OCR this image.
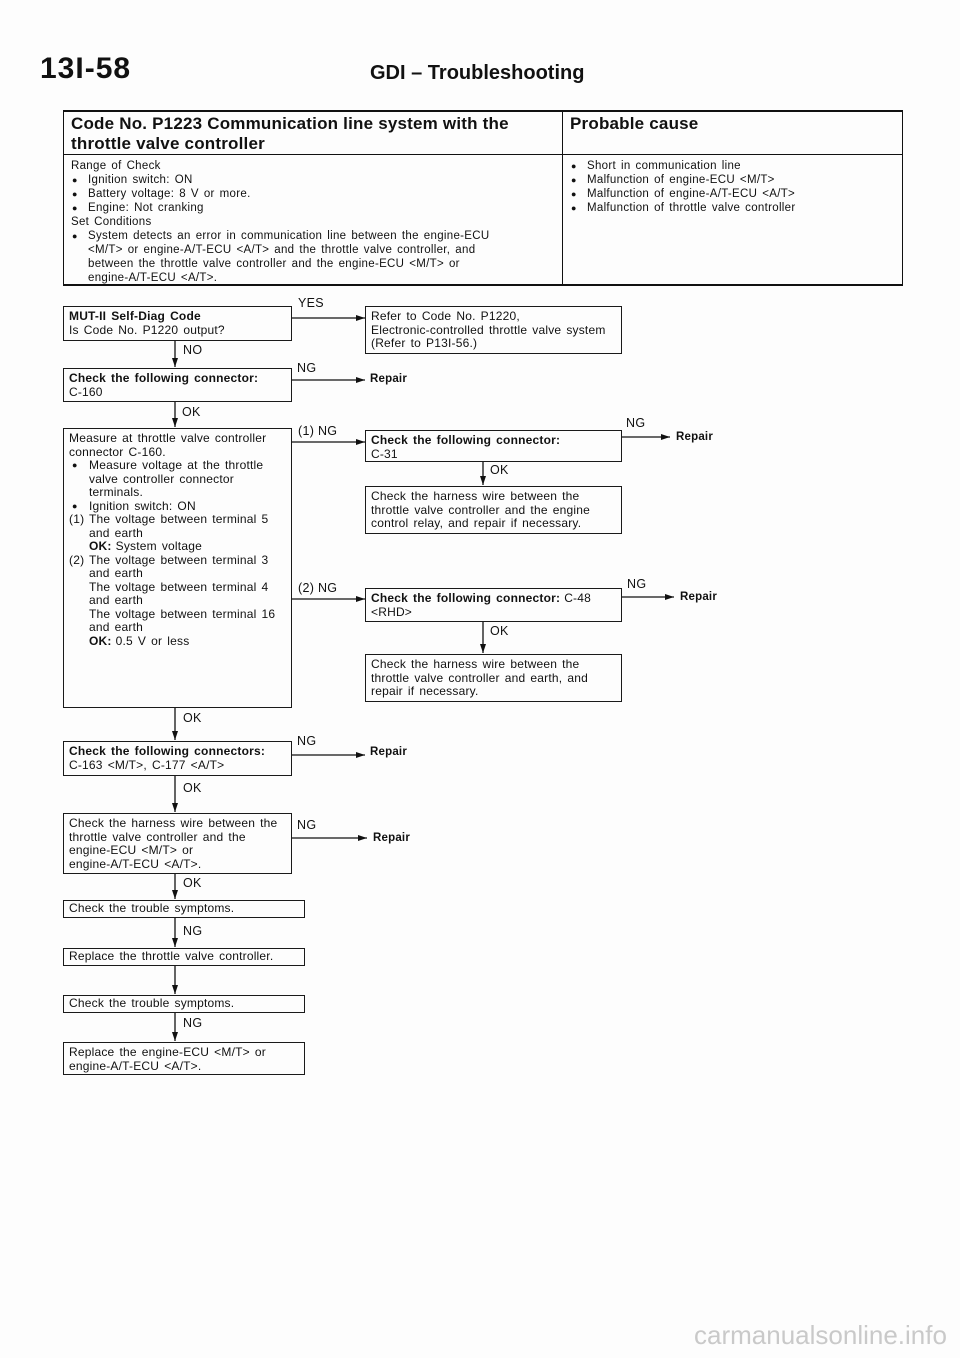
13I-58	GDI – Troubleshooting
Code No. P1223 Communication line system with the
throttle valve controller
Probable cause
Range of Check
● Ignition switch: ON
● Battery voltage: 8 V or more.
● Engine: Not cranking
Set Conditions
● System detects an error in communication line between the engine-ECU
<M/T> or engine-A/T-ECU <A/T> and the throttle valve controller, and
between the throttle valve controller and the engine-ECU <M/T> or
engine-A/T-ECU <A/T>.
● Short in communication line
● Malfunction of engine-ECU <M/T>
● Malfunction of engine-A/T-ECU <A/T>
● Malfunction of throttle valve controller
MUT-II Self-Diag Code
Is Code No. P1220 output?
Refer to Code No. P1220,
Electronic-controlled throttle valve system
(Refer to P13I-56.)
Check the following connector:
C-160
Measure at throttle valve controller
connector C-160.
● Measure voltage at the throttle
valve controller connector
terminals.
● Ignition switch: ON
(1) The voltage between terminal 5
and earth
OK: System voltage
(2) The voltage between terminal 3
and earth
The voltage between terminal 4
and earth
The voltage between terminal 16
and earth
OK: 0.5 V or less
Check the following connector:
C-31
Check the harness wire between the
throttle valve controller and the engine
control relay, and repair if necessary.
Check the following connector: C-48
<RHD>
Check the harness wire between the
throttle valve controller and earth, and
repair if necessary.
Check the following connectors:
C-163 <M/T>, C-177 <A/T>
Check the harness wire between the
throttle valve controller and the
engine-ECU <M/T> or
engine-A/T-ECU <A/T>.
Check the trouble symptoms.
Replace the throttle valve controller.
Check the trouble symptoms.
Replace the engine-ECU <M/T> or
engine-A/T-ECU <A/T>.
YES
NO
NG
Repair
OK
(1) NG
NG
Repair
OK
(2) NG	NG
Repair
OK
OK
NG
Repair
OK
NG
Repair
OK
NG
NG
carmanualsonline.info
